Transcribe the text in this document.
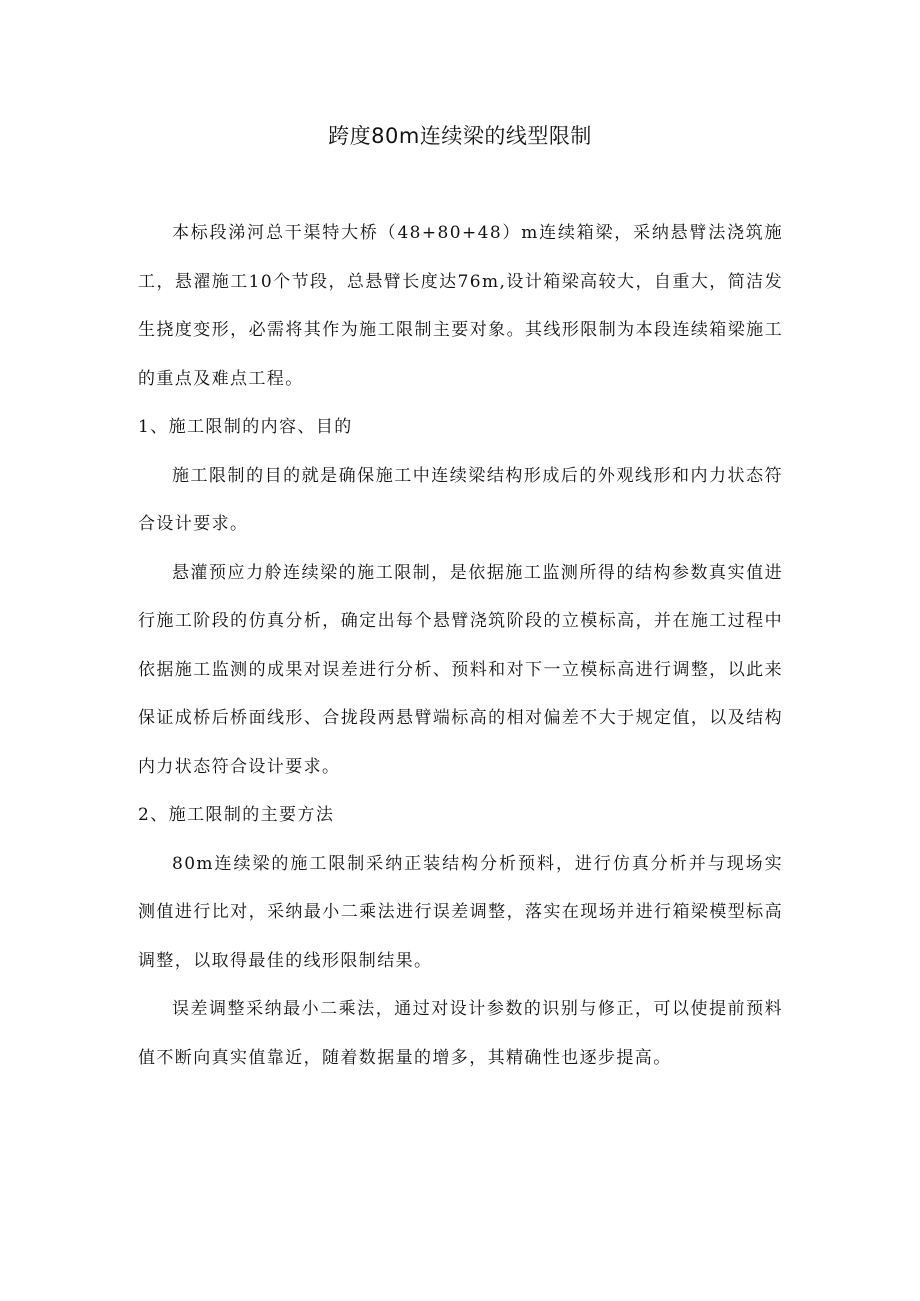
跨度80m连续梁的线型限制

本标段涕河总干渠特大桥（48+80+48）m连续箱梁，采纳悬臂法浇筑施工，悬濯施工10个节段，总悬臂长度达76m,设计箱梁高较大，自重大，简洁发生挠度变形，必需将其作为施工限制主要对象。其线形限制为本段连续箱梁施工的重点及难点工程。

1、施工限制的内容、目的

施工限制的目的就是确保施工中连续梁结构形成后的外观线形和内力状态符合设计要求。

悬灌预应力舲连续梁的施工限制，是依据施工监测所得的结构参数真实值进行施工阶段的仿真分析，确定出每个悬臂浇筑阶段的立模标高，并在施工过程中依据施工监测的成果对误差进行分析、预料和对下一立模标高进行调整，以此来保证成桥后桥面线形、合拢段两悬臂端标高的相对偏差不大于规定值，以及结构内力状态符合设计要求。

2、施工限制的主要方法

80m连续梁的施工限制采纳正装结构分析预料，进行仿真分析并与现场实测值进行比对，采纳最小二乘法进行误差调整，落实在现场并进行箱梁模型标高调整，以取得最佳的线形限制结果。

误差调整采纳最小二乘法，通过对设计参数的识别与修正，可以使提前预料值不断向真实值靠近，随着数据量的增多，其精确性也逐步提高。
